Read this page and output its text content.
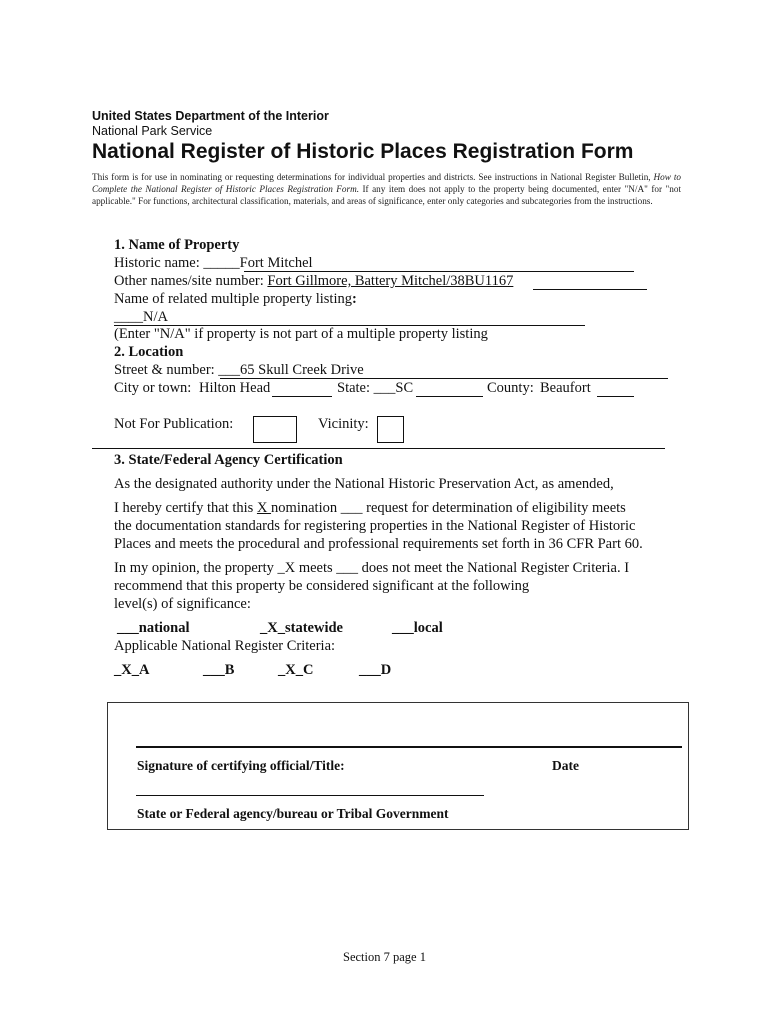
United States Department of the Interior
National Park Service
National Register of Historic Places Registration Form
This form is for use in nominating or requesting determinations for individual properties and districts. See instructions in National Register Bulletin, How to Complete the National Register of Historic Places Registration Form. If any item does not apply to the property being documented, enter "N/A" for "not applicable." For functions, architectural classification, materials, and areas of significance, enter only categories and subcategories from the instructions.
1. Name of Property
Historic name: _____Fort Mitchel
Other names/site number: Fort Gillmore, Battery Mitchel/38BU1167
Name of related multiple property listing:
____N/A
(Enter "N/A" if property is not part of a multiple property listing
2. Location
Street & number: ___65 Skull Creek Drive
City or town: Hilton Head	State: ___SC	County: Beaufort
Not For Publication:	Vicinity:
3. State/Federal Agency Certification
As the designated authority under the National Historic Preservation Act, as amended,
I hereby certify that this X nomination ___ request for determination of eligibility meets
the documentation standards for registering properties in the National Register of Historic
Places and meets the procedural and professional requirements set forth in 36 CFR Part 60.
In my opinion, the property _X meets ___ does not meet the National Register Criteria. I
recommend that this property be considered significant at the following
level(s) of significance:
___national	_X_statewide	___local
Applicable National Register Criteria:
_X_A	___B	_X_C	___D
Signature of certifying official/Title:	Date
State or Federal agency/bureau or Tribal Government
Section 7 page 1
